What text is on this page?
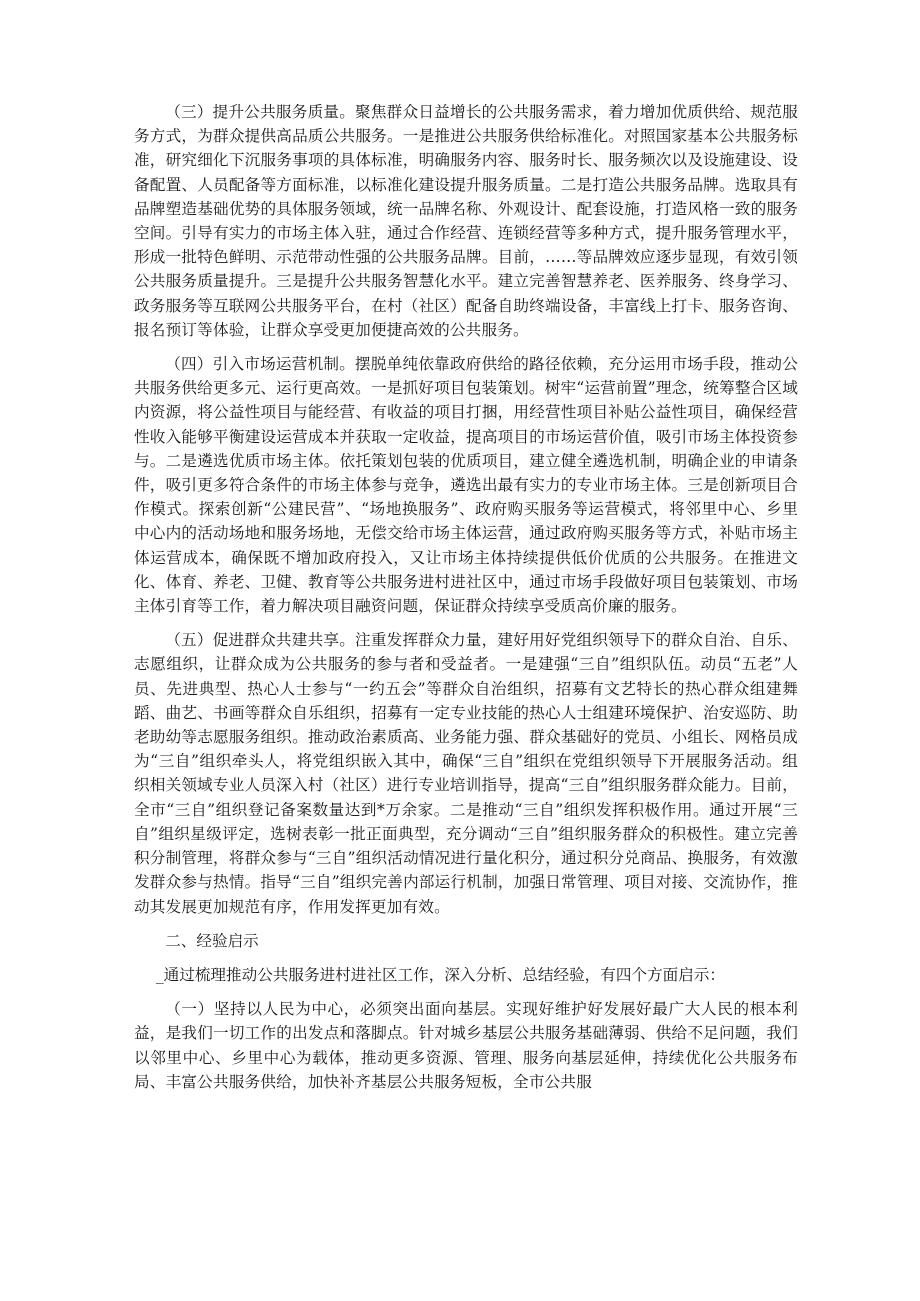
（三）提升公共服务质量。聚焦群众日益增长的公共服务需求，着力增加优质供给、规范服务方式，为群众提供高品质公共服务。一是推进公共服务供给标准化。对照国家基本公共服务标准，研究细化下沉服务事项的具体标准，明确服务内容、服务时长、服务频次以及设施建设、设备配置、人员配备等方面标准，以标准化建设提升服务质量。二是打造公共服务品牌。选取具有品牌塑造基础优势的具体服务领域，统一品牌名称、外观设计、配套设施，打造风格一致的服务空间。引导有实力的市场主体入驻，通过合作经营、连锁经营等多种方式，提升服务管理水平，形成一批特色鲜明、示范带动性强的公共服务品牌。目前，……等品牌效应逐步显现，有效引领公共服务质量提升。三是提升公共服务智慧化水平。建立完善智慧养老、医养服务、终身学习、政务服务等互联网公共服务平台，在村（社区）配备自助终端设备，丰富线上打卡、服务咨询、报名预订等体验，让群众享受更加便捷高效的公共服务。

（四）引入市场运营机制。摆脱单纯依靠政府供给的路径依赖，充分运用市场手段，推动公共服务供给更多元、运行更高效。一是抓好项目包装策划。树牢“运营前置”理念，统筹整合区域内资源，将公益性项目与能经营、有收益的项目打捆，用经营性项目补贴公益性项目，确保经营性收入能够平衡建设运营成本并获取一定收益，提高项目的市场运营价值，吸引市场主体投资参与。二是遴选优质市场主体。依托策划包装的优质项目，建立健全遴选机制，明确企业的申请条件，吸引更多符合条件的市场主体参与竞争，遴选出最有实力的专业市场主体。三是创新项目合作模式。探索创新“公建民营”、“场地换服务”、政府购买服务等运营模式，将邻里中心、乡里中心内的活动场地和服务场地，无偿交给市场主体运营，通过政府购买服务等方式，补贴市场主体运营成本，确保既不增加政府投入，又让市场主体持续提供低价优质的公共服务。在推进文化、体育、养老、卫健、教育等公共服务进村进社区中，通过市场手段做好项目包装策划、市场主体引育等工作，着力解决项目融资问题，保证群众持续享受质高价廉的服务。

（五）促进群众共建共享。注重发挥群众力量，建好用好党组织领导下的群众自治、自乐、志愿组织，让群众成为公共服务的参与者和受益者。一是建强“三自”组织队伍。动员“五老”人员、先进典型、热心人士参与“一约五会”等群众自治组织，招募有文艺特长的热心群众组建舞蹈、曲艺、书画等群众自乐组织，招募有一定专业技能的热心人士组建环境保护、治安巡防、助老助幼等志愿服务组织。推动政治素质高、业务能力强、群众基础好的党员、小组长、网格员成为“三自”组织牵头人，将党组织嵌入其中，确保“三自”组织在党组织领导下开展服务活动。组织相关领域专业人员深入村（社区）进行专业培训指导，提高“三自”组织服务群众能力。目前，全市“三自”组织登记备案数量达到*万余家。二是推动“三自”组织发挥积极作用。通过开展“三自”组织星级评定，选树表彰一批正面典型，充分调动“三自”组织服务群众的积极性。建立完善积分制管理，将群众参与“三自”组织活动情况进行量化积分，通过积分兑商品、换服务，有效激发群众参与热情。指导“三自”组织完善内部运行机制，加强日常管理、项目对接、交流协作，推动其发展更加规范有序，作用发挥更加有效。

二、经验启示

_通过梳理推动公共服务进村进社区工作，深入分析、总结经验，有四个方面启示：

（一）坚持以人民为中心，必须突出面向基层。实现好维护好发展好最广大人民的根本利益，是我们一切工作的出发点和落脚点。针对城乡基层公共服务基础薄弱、供给不足问题，我们以邻里中心、乡里中心为载体，推动更多资源、管理、服务向基层延伸，持续优化公共服务布局、丰富公共服务供给，加快补齐基层公共服务短板，全市公共服
